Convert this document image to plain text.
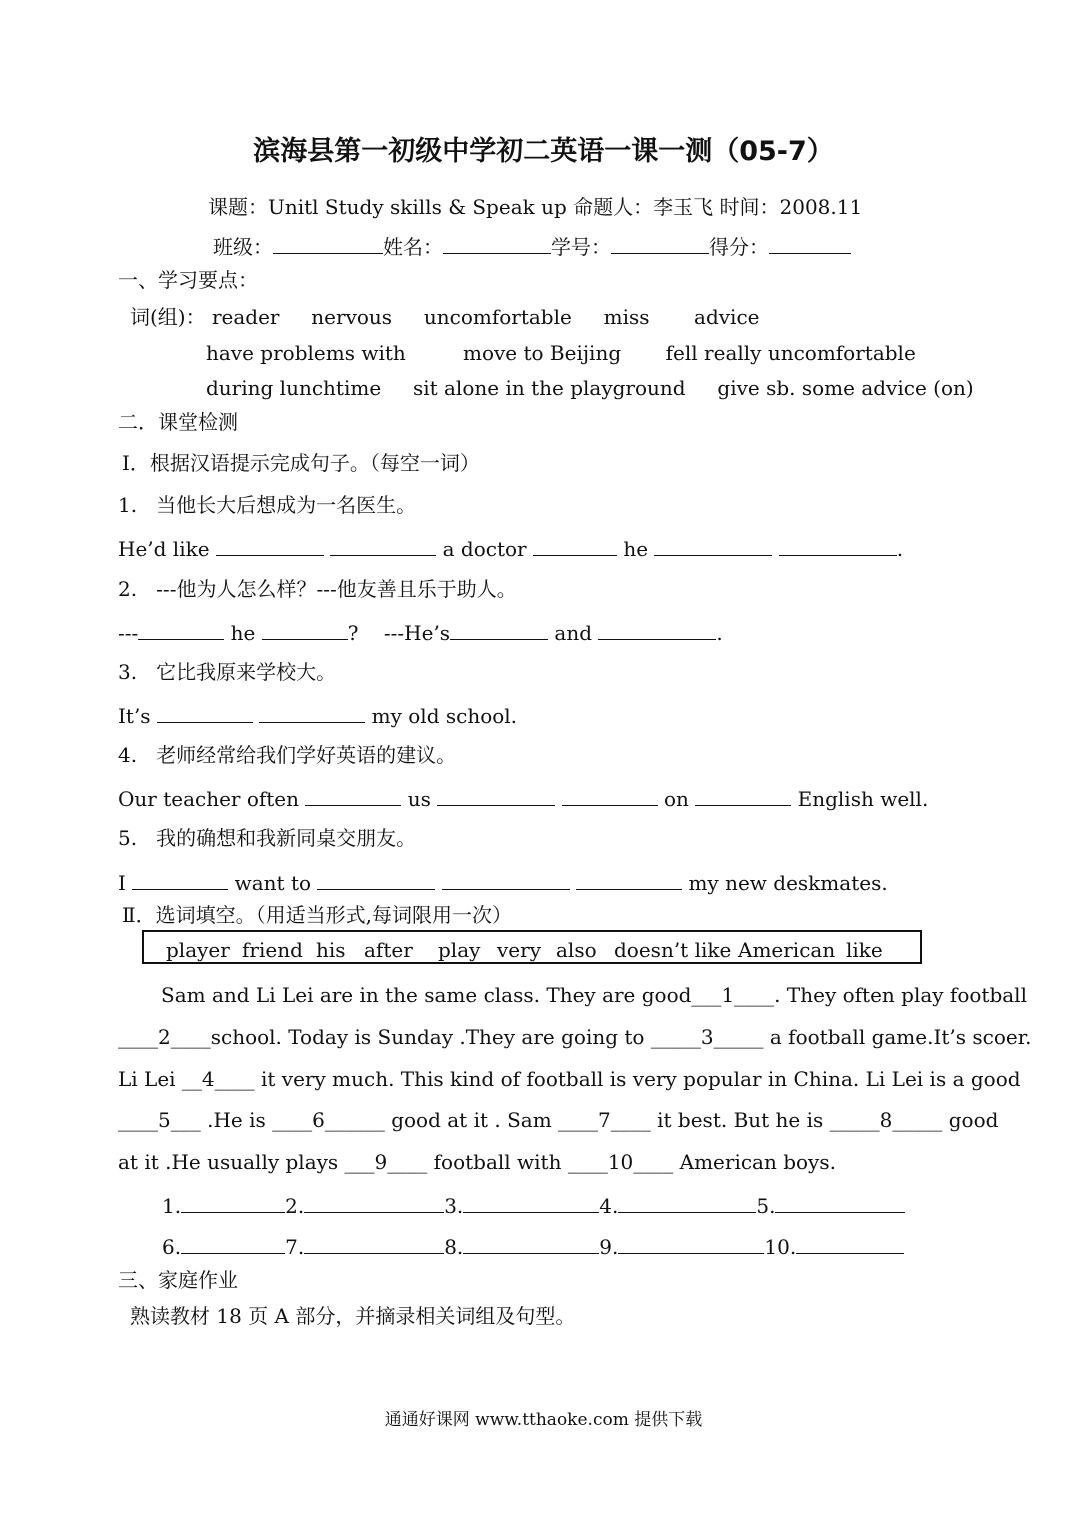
滨海县第一初级中学初二英语一课一测（05-7）
课题：Unitl Study skills & Speak up 命题人：李玉飞 时间：2008.11
班级：	姓名：	学号：	得分：
一、学习要点：
词(组)： reader nervous uncomfortable miss advice
have problems with	move to Beijing fell really uncomfortable
during lunchtime sit alone in the playground give sb. some advice (on)
二．课堂检测
Ⅰ．根据汉语提示完成句子。（每空一词）
1. 当他长大后想成为一名医生。
He’d like	a doctor	he	.
2. ---他为人怎么样？---他友善且乐于助人。
---	he	? ---He’s	and	.
3. 它比我原来学校大。
It’s	my old school.
4. 老师经常给我们学好英语的建议。
Our teacher often	us	on	English well.
5. 我的确想和我新同桌交朋友。
I	want to	my new deskmates.
Ⅱ．选词填空。（用适当形式,每词限用一次）
player friend his after play very also doesn’t like American like
Sam and Li Lei are in the same class. They are good___1____. They often play football
____2____school. Today is Sunday .They are going to _____3_____ a football game.It’s scoer.
Li Lei __4____ it very much. This kind of football is very popular in China. Li Lei is a good
____5___ .He is ____6______ good at it . Sam ____7____ it best. But he is _____8_____ good
at it .He usually plays ___9____ football with ____10____ American boys.
1.	2.	3.	4.	5.
6.	7.	8.	9.	10.
三、家庭作业
熟读教材 18 页 A 部分，并摘录相关词组及句型。
通通好课网 www.tthaoke.com 提供下载
